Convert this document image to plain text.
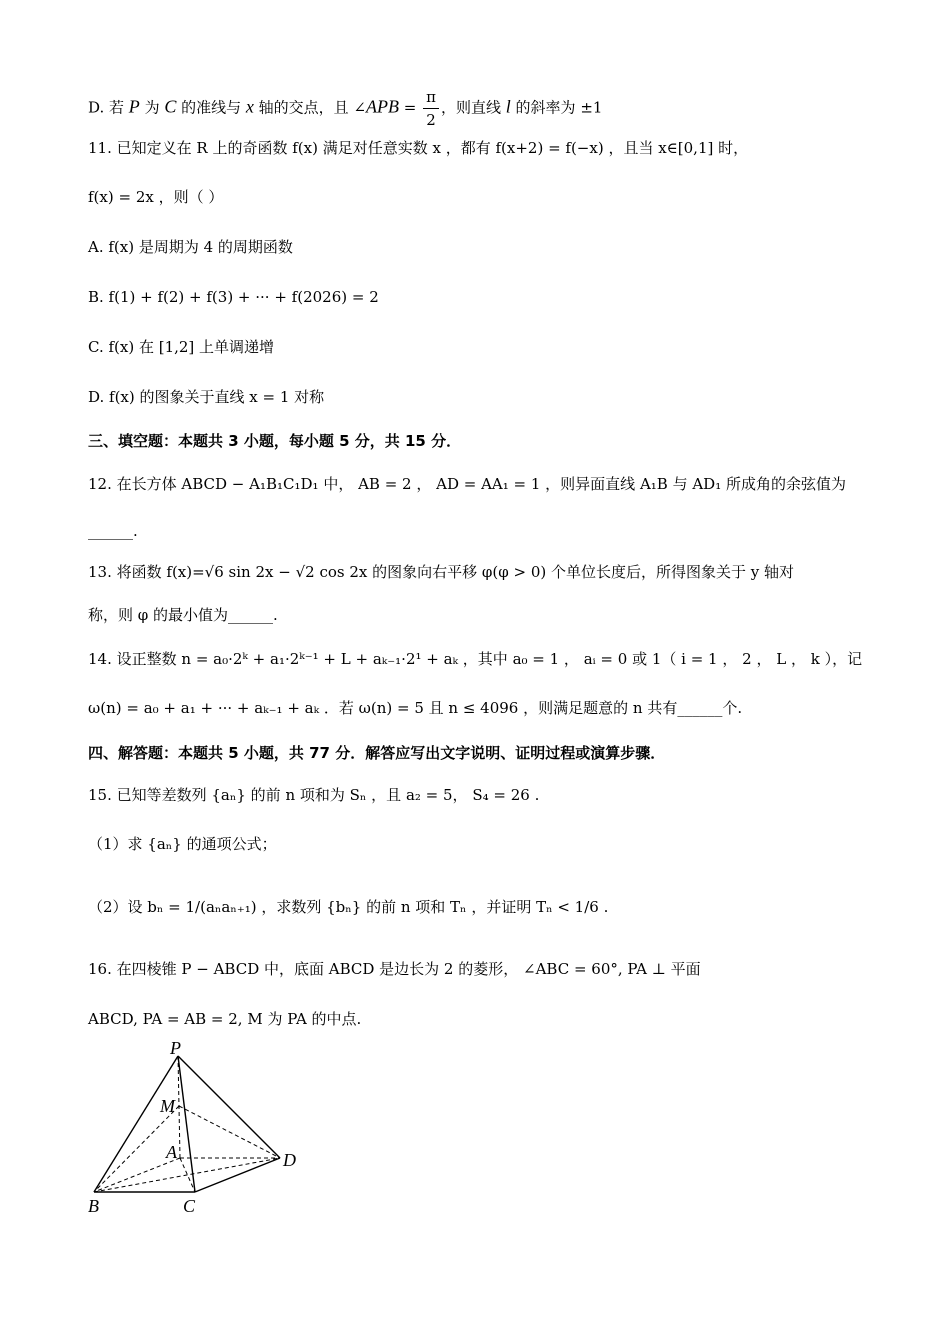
D. 若 P 为 C 的准线与 x 轴的交点，且 ∠APB = $\frac{\pi}{2}$ ，则直线 l 的斜率为 ±1
11. 已知定义在 R 上的奇函数 f(x) 满足对任意实数 x ，都有 f(x+2) = f(−x) ，且当 x∈[0,1] 时，
f(x) = 2x ，则（ ）
A. f(x) 是周期为 4 的周期函数
B. f(1) + f(2) + f(3) + ··· + f(2026) = 2
C. f(x) 在 [1,2] 上单调递增
D. f(x) 的图象关于直线 x = 1 对称
三、填空题：本题共 3 小题，每小题 5 分，共 15 分．
12. 在长方体 ABCD − A₁B₁C₁D₁ 中， AB = 2 ， AD = AA₁ = 1 ，则异面直线 A₁B 与 AD₁ 所成角的余弦值为
______.
13. 将函数 f(x)=√6 sin 2x − √2 cos 2x 的图象向右平移 φ(φ > 0) 个单位长度后，所得图象关于 y 轴对
称，则 φ 的最小值为______.
14. 设正整数 n = a₀·2ᵏ + a₁·2ᵏ⁻¹ + L + aₖ₋₁·2¹ + aₖ ，其中 a₀ = 1 ， aᵢ = 0 或 1（ i = 1 ， 2 ， L ， k ），记
ω(n) = a₀ + a₁ + ··· + aₖ₋₁ + aₖ ．若 ω(n) = 5 且 n ≤ 4096 ，则满足题意的 n 共有______个.
四、解答题：本题共 5 小题，共 77 分．解答应写出文字说明、证明过程或演算步骤．
15. 已知等差数列 {aₙ} 的前 n 项和为 Sₙ ，且 a₂ = 5， S₄ = 26 .
（1）求 {aₙ} 的通项公式；
（2）设 bₙ = 1/(aₙaₙ₊₁) ，求数列 {bₙ} 的前 n 项和 Tₙ ，并证明 Tₙ < 1/6 .
16. 在四棱锥 P − ABCD 中，底面 ABCD 是边长为 2 的菱形， ∠ABC = 60°, PA ⊥ 平面
ABCD, PA = AB = 2, M 为 PA 的中点.
P
M
A	D
B	C
